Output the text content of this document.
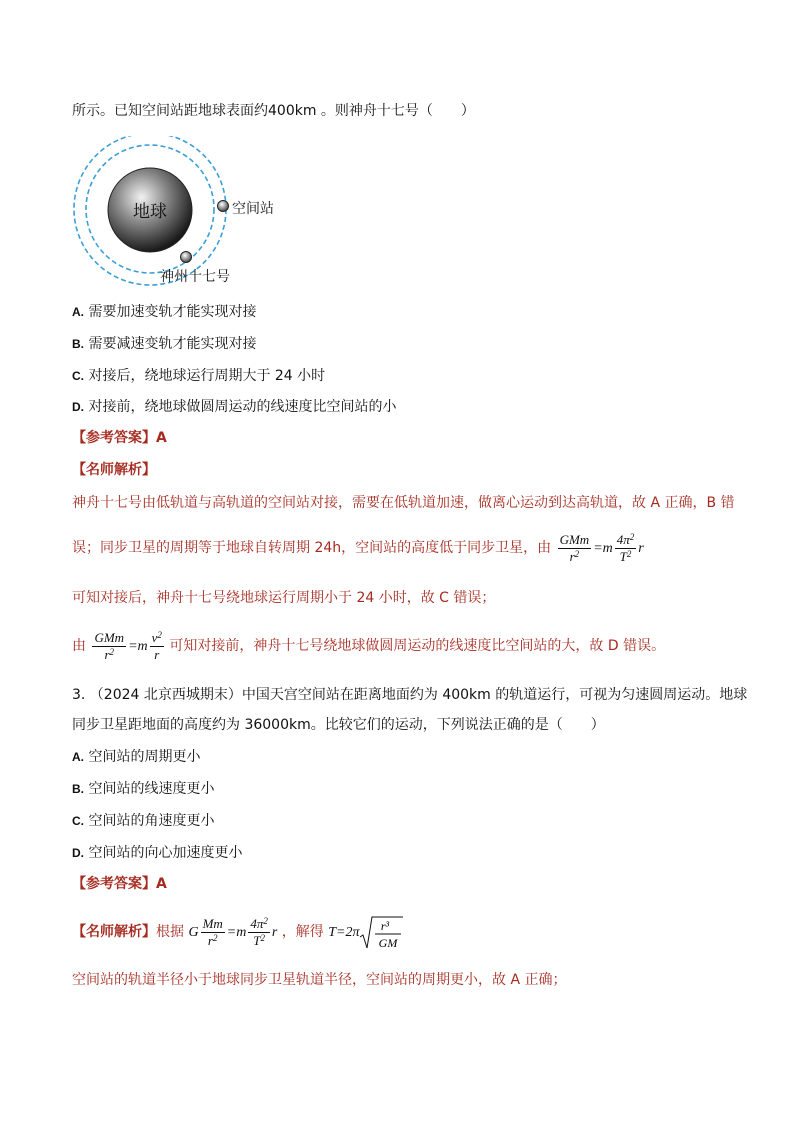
所示。已知空间站距地球表面约400km 。则神舟十七号（　　）
地球	空间站
神州十七号
A. 需要加速变轨才能实现对接
B. 需要减速变轨才能实现对接
C. 对接后，绕地球运行周期大于 24 小时
D. 对接前，绕地球做圆周运动的线速度比空间站的小
【参考答案】A
【名师解析】
神舟十七号由低轨道与高轨道的空间站对接，需要在低轨道加速，做离心运动到达高轨道，故 A 正确，B 错
误；同步卫星的周期等于地球自转周期 24h，空间站的高度低于同步卫星，由 $\frac{\text{GMm}}{r^2} =m \frac{4\pi^2}{T^2}$ r
可知对接后，神舟十七号绕地球运行周期小于 24 小时，故 C 错误；
由 $\frac{\text{GMm}}{r^2} =m \frac{v^2}{r}$ 可知对接前，神舟十七号绕地球做圆周运动的线速度比空间站的大，故 D 错误。
3. （2024 北京西城期末）中国天宫空间站在距离地面约为 400km 的轨道运行，可视为匀速圆周运动。地球
同步卫星距地面的高度约为 36000km。比较它们的运动，下列说法正确的是（　　）
A. 空间站的周期更小
B. 空间站的线速度更小
C. 空间站的角速度更小
D. 空间站的向心加速度更小
【参考答案】A
【名师解析】根据 G $\frac{Mm}{r^2} =m \frac{4\pi^2}{T^2}$ r ，解得 T=2π r³
GM
空间站的轨道半径小于地球同步卫星轨道半径，空间站的周期更小，故 A 正确；
